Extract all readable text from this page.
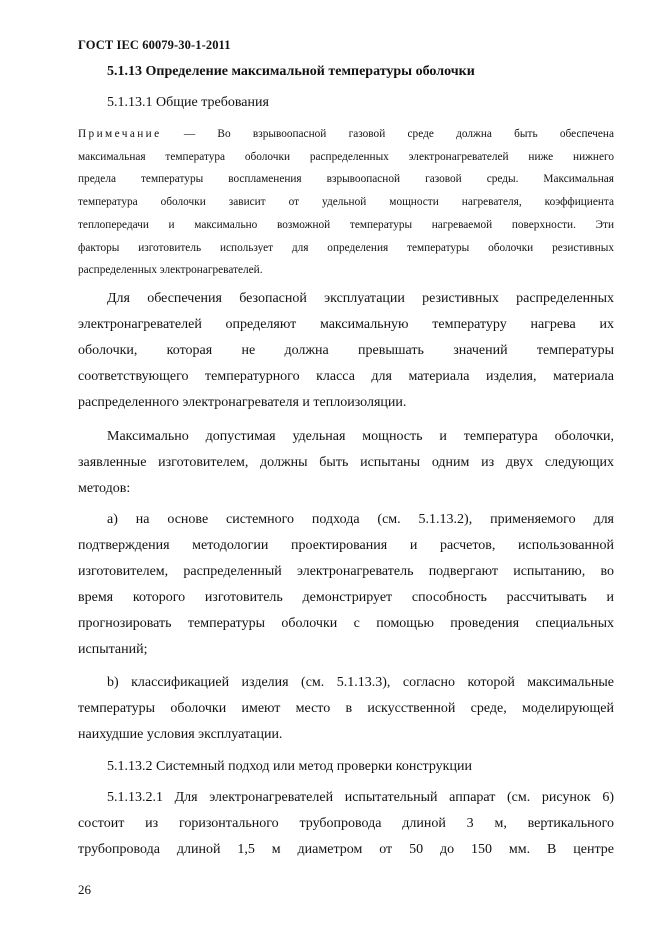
ГОСТ IEC 60079-30-1-2011
5.1.13 Определение максимальной температуры оболочки
5.1.13.1 Общие требования
Примечание — Во взрывоопасной газовой среде должна быть обеспечена
максимальная температура оболочки распределенных электронагревателей ниже нижнего
предела температуры воспламенения взрывоопасной газовой среды. Максимальная
температура оболочки зависит от удельной мощности нагревателя, коэффициента
теплопередачи и максимально возможной температуры нагреваемой поверхности. Эти
факторы изготовитель использует для определения температуры оболочки резистивных
распределенных электронагревателей.
Для обеспечения безопасной эксплуатации резистивных распределенных
электронагревателей определяют максимальную температуру нагрева их
оболочки, которая не должна превышать значений температуры
соответствующего температурного класса для материала изделия, материала
распределенного электронагревателя и теплоизоляции.
Максимально допустимая удельная мощность и температура оболочки,
заявленные изготовителем, должны быть испытаны одним из двух следующих
методов:
а) на основе системного подхода (см. 5.1.13.2), применяемого для
подтверждения методологии проектирования и расчетов, использованной
изготовителем, распределенный электронагреватель подвергают испытанию, во
время которого изготовитель демонстрирует способность рассчитывать и
прогнозировать температуры оболочки с помощью проведения специальных
испытаний;
b) классификацией изделия (см. 5.1.13.3), согласно которой максимальные
температуры оболочки имеют место в искусственной среде, моделирующей
наихудшие условия эксплуатации.
5.1.13.2 Системный подход или метод проверки конструкции
5.1.13.2.1 Для электронагревателей испытательный аппарат (см. рисунок 6)
состоит из горизонтального трубопровода длиной 3 м, вертикального
трубопровода длиной 1,5 м диаметром от 50 до 150 мм. В центре
26
